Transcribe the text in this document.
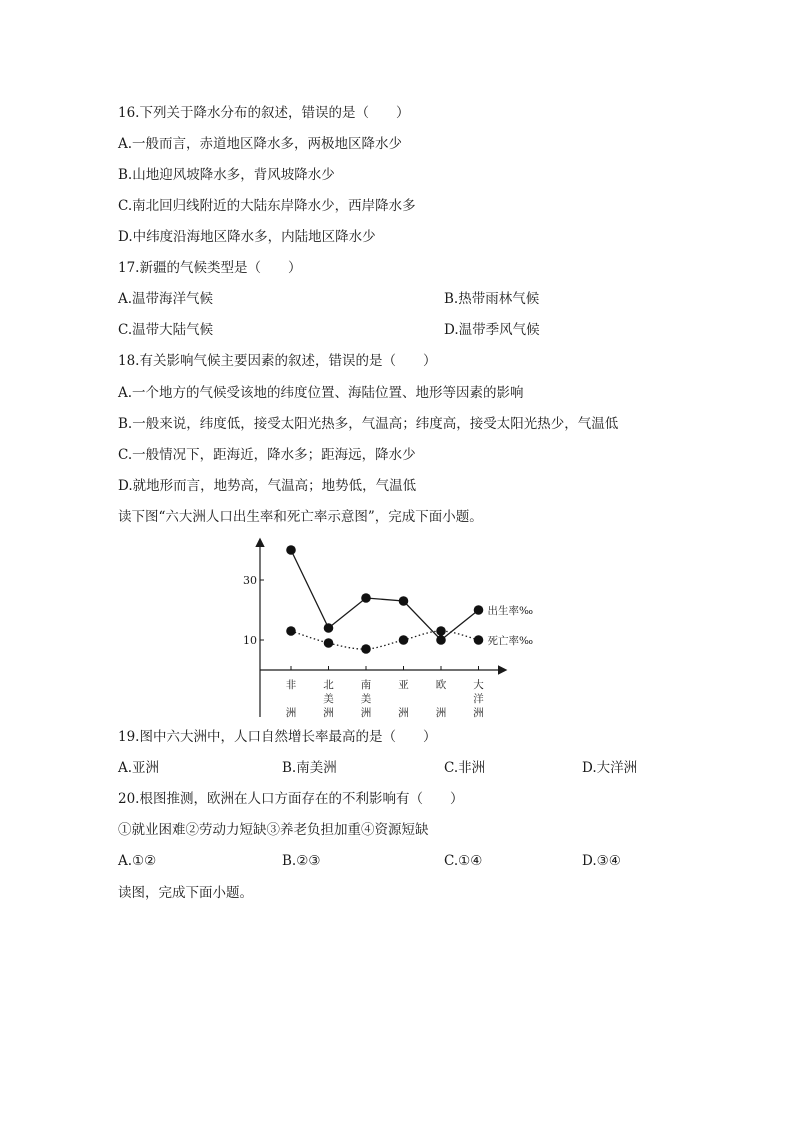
16.下列关于降水分布的叙述，错误的是（　　）
A.一般而言，赤道地区降水多，两极地区降水少
B.山地迎风坡降水多，背风坡降水少
C.南北回归线附近的大陆东岸降水少，西岸降水多
D.中纬度沿海地区降水多，内陆地区降水少
17.新疆的气候类型是（　　）
A.温带海洋气候	B.热带雨林气候
C.温带大陆气候	D.温带季风气候
18.有关影响气候主要因素的叙述，错误的是（　　）
A.一个地方的气候受该地的纬度位置、海陆位置、地形等因素的影响
B.一般来说，纬度低，接受太阳光热多，气温高；纬度高，接受太阳光热少，气温低
C.一般情况下，距海近，降水多；距海远，降水少
D.就地形而言，地势高，气温高；地势低，气温低
读下图“六大洲人口出生率和死亡率示意图”，完成下面小题。
10
30
非
洲
北
美
洲
南
美
洲
亚
洲
欧
洲
大
洋
洲
出生率‰
死亡率‰
19.图中六大洲中，人口自然增长率最高的是（　　）
A.亚洲	B.南美洲	C.非洲	D.大洋洲
20.根图推测，欧洲在人口方面存在的不利影响有（　　）
①就业困难②劳动力短缺③养老负担加重④资源短缺
A.①②	B.②③	C.①④	D.③④
读图，完成下面小题。
